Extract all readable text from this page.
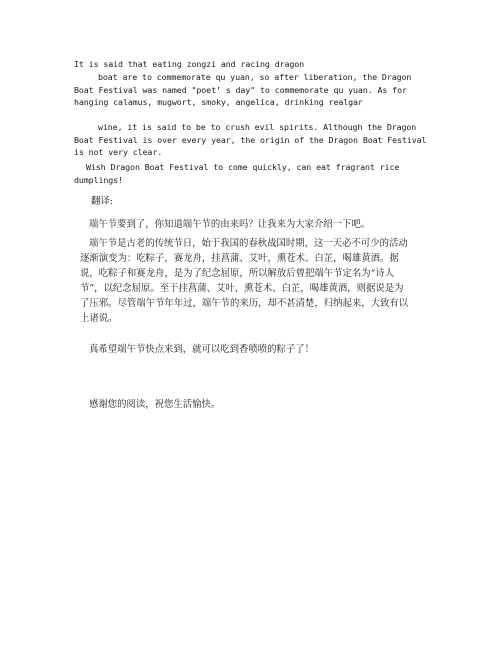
It is said that eating zongzi and racing dragon

boat are to commemorate qu yuan, so after liberation, the Dragon Boat Festival was named "poet’ s day" to commemorate qu yuan. As for hanging calamus, mugwort, smoky, angelica, drinking realgar

wine, it is said to be to crush evil spirits. Although the Dragon Boat Festival is over every year, the origin of the Dragon Boat Festival is not very clear.

Wish Dragon Boat Festival to come quickly, can eat fragrant rice dumplings!

翻译:

端午节要到了，你知道端午节的由来吗？让我来为大家介绍一下吧。

端午节是古老的传统节日，始于我国的春秋战国时期，这一天必不可少的活动逐渐演变为：吃粽子，赛龙舟，挂菖蒲、艾叶，熏苍术、白芷，喝雄黄酒。据说，吃粽子和赛龙舟，是为了纪念屈原，所以解放后曾把端午节定名为“诗人节”，以纪念屈原。至于挂菖蒲、艾叶，熏苍术、白芷，喝雄黄酒，则据说是为了压邪。尽管端午节年年过，端午节的来历，却不甚清楚，归纳起来，大致有以上诸说。

真希望端午节快点来到，就可以吃到香喷喷的粽子了！

感谢您的阅读，祝您生活愉快。
